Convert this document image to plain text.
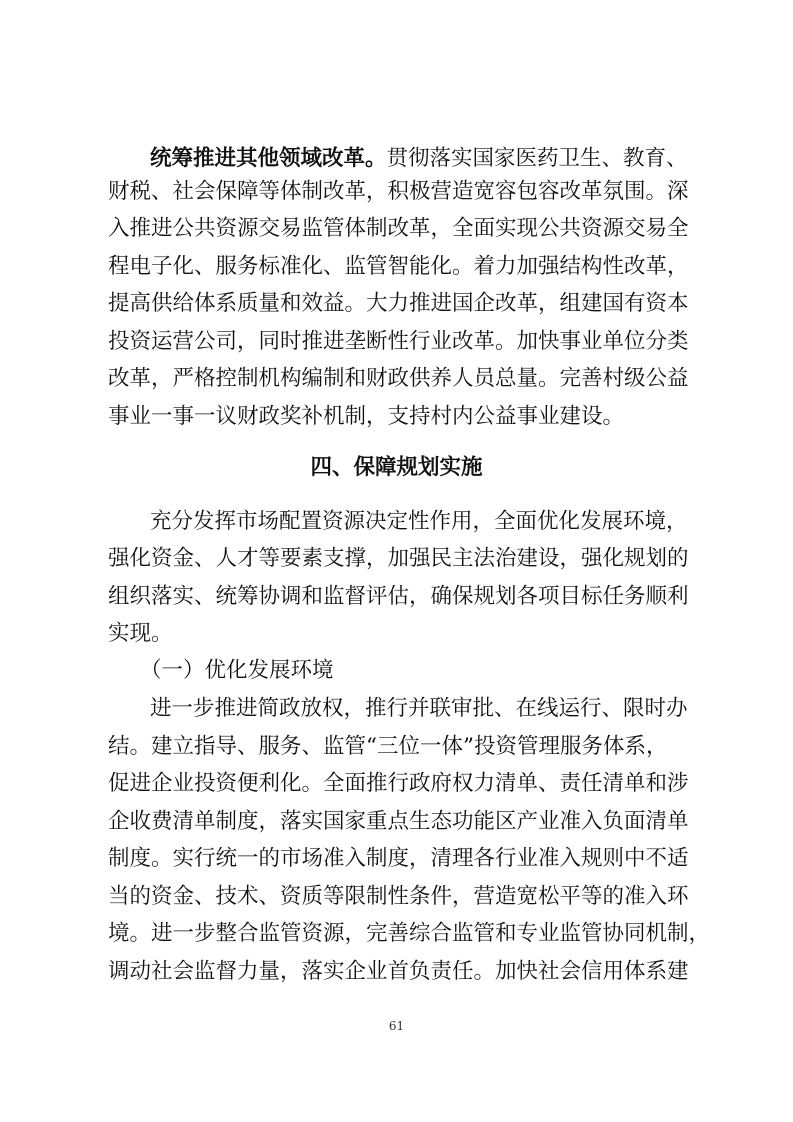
统筹推进其他领域改革。贯彻落实国家医药卫生、教育、
财税、社会保障等体制改革，积极营造宽容包容改革氛围。深
入推进公共资源交易监管体制改革，全面实现公共资源交易全
程电子化、服务标准化、监管智能化。着力加强结构性改革，
提高供给体系质量和效益。大力推进国企改革，组建国有资本
投资运营公司，同时推进垄断性行业改革。加快事业单位分类
改革，严格控制机构编制和财政供养人员总量。完善村级公益
事业一事一议财政奖补机制，支持村内公益事业建设。
四、保障规划实施
充分发挥市场配置资源决定性作用，全面优化发展环境，
强化资金、人才等要素支撑，加强民主法治建设，强化规划的
组织落实、统筹协调和监督评估，确保规划各项目标任务顺利
实现。
（一）优化发展环境
进一步推进简政放权，推行并联审批、在线运行、限时办
结。建立指导、服务、监管“三位一体”投资管理服务体系，
促进企业投资便利化。全面推行政府权力清单、责任清单和涉
企收费清单制度，落实国家重点生态功能区产业准入负面清单
制度。实行统一的市场准入制度，清理各行业准入规则中不适
当的资金、技术、资质等限制性条件，营造宽松平等的准入环
境。进一步整合监管资源，完善综合监管和专业监管协同机制，
调动社会监督力量，落实企业首负责任。加快社会信用体系建
61
